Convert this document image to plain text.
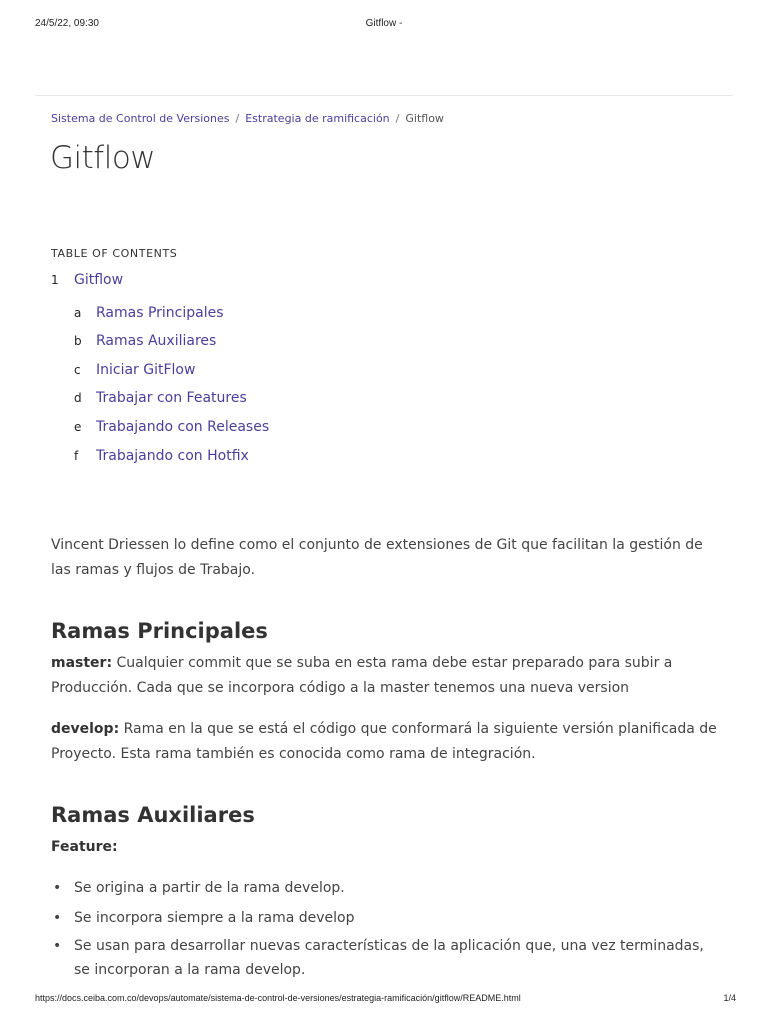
24/5/22, 09:30	Gitflow -
Sistema de Control de Versiones / Estrategia de ramificación / Gitflow
Gitflow
TABLE OF CONTENTS
1 Gitflow
a Ramas Principales
b Ramas Auxiliares
c Iniciar GitFlow
d Trabajar con Features
e Trabajando con Releases
f Trabajando con Hotfix

Vincent Driessen lo define como el conjunto de extensiones de Git que facilitan la gestión de las ramas y flujos de Trabajo.

Ramas Principales

master: Cualquier commit que se suba en esta rama debe estar preparado para subir a Producción. Cada que se incorpora código a la master tenemos una nueva version

develop: Rama en la que se está el código que conformará la siguiente versión planificada de Proyecto. Esta rama también es conocida como rama de integración.

Ramas Auxiliares
Feature:
• Se origina a partir de la rama develop.
• Se incorpora siempre a la rama develop
• Se usan para desarrollar nuevas características de la aplicación que, una vez terminadas, se incorporan a la rama develop.
https://docs.ceiba.com.co/devops/automate/sistema-de-control-de-versiones/estrategia-ramificación/gitflow/README.html	1/4
